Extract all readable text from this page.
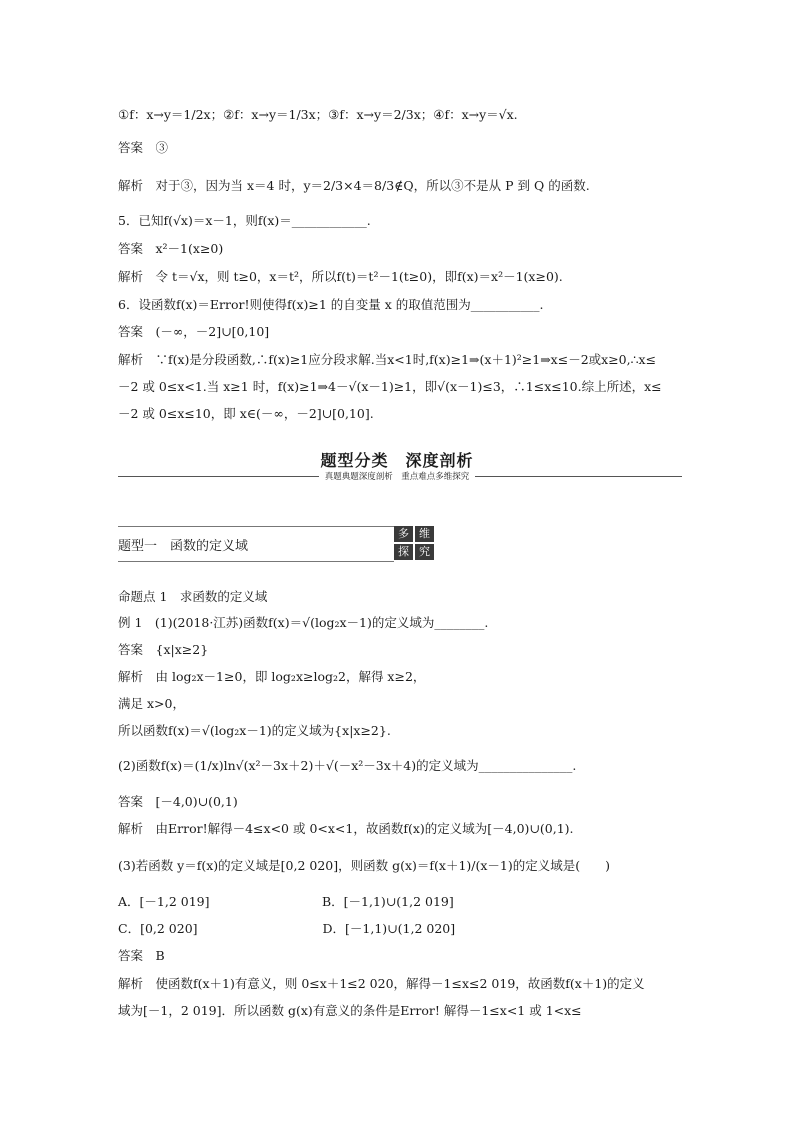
①f：x→y＝1/2x；②f：x→y＝1/3x；③f：x→y＝2/3x；④f：x→y＝√x.
答案　③
解析　对于③，因为当 x＝4 时，y＝2/3×4＝8/3∉Q，所以③不是从 P 到 Q 的函数.
5．已知f(√x)＝x－1，则f(x)＝____________.
答案　x²－1(x≥0)
解析　令 t＝√x，则 t≥0，x＝t²，所以f(t)＝t²－1(t≥0)，即f(x)＝x²－1(x≥0).
6．设函数f(x)＝Error!则使得f(x)≥1 的自变量 x 的取值范围为___________.
答案　(－∞，－2]∪[0,10]
解析　∵f(x)是分段函数,∴f(x)≥1应分段求解.当x<1时,f(x)≥1⇒(x＋1)²≥1⇒x≤－2或x≥0,∴x≤
－2 或 0≤x<1.当 x≥1 时，f(x)≥1⇒4－√(x－1)≥1，即√(x－1)≤3，∴1≤x≤10.综上所述，x≤
－2 或 0≤x≤10，即 x∈(－∞，－2]∪[0,10].
命题点 1　求函数的定义域
例 1　(1)(2018·江苏)函数f(x)＝√(log₂x－1)的定义域为________.
答案　{x|x≥2}
解析　由 log₂x－1≥0，即 log₂x≥log₂2，解得 x≥2，
满足 x>0，
所以函数f(x)＝√(log₂x－1)的定义域为{x|x≥2}.
(2)函数f(x)＝(1/x)ln√(x²－3x＋2)＋√(－x²－3x＋4)的定义域为_______________.
答案　[－4,0)∪(0,1)
解析　由Error!解得－4≤x<0 或 0<x<1，故函数f(x)的定义域为[－4,0)∪(0,1).
(3)若函数 y＝f(x)的定义域是[0,2 020]，则函数 g(x)＝f(x＋1)/(x－1)的定义域是(　　)
A．[－1,2 019]　　　　　　　　　B．[－1,1)∪(1,2 019]
C．[0,2 020]　　　　　　　　　　D．[－1,1)∪(1,2 020]
答案　B
解析　使函数f(x＋1)有意义，则 0≤x＋1≤2 020，解得－1≤x≤2 019，故函数f(x＋1)的定义
域为[－1，2 019]．所以函数 g(x)有意义的条件是Error! 解得－1≤x<1 或 1<x≤
题型分类　深度剖析
真题典题深度剖析　重点难点多维探究
题型一　函数的定义域
多 维
探 究
